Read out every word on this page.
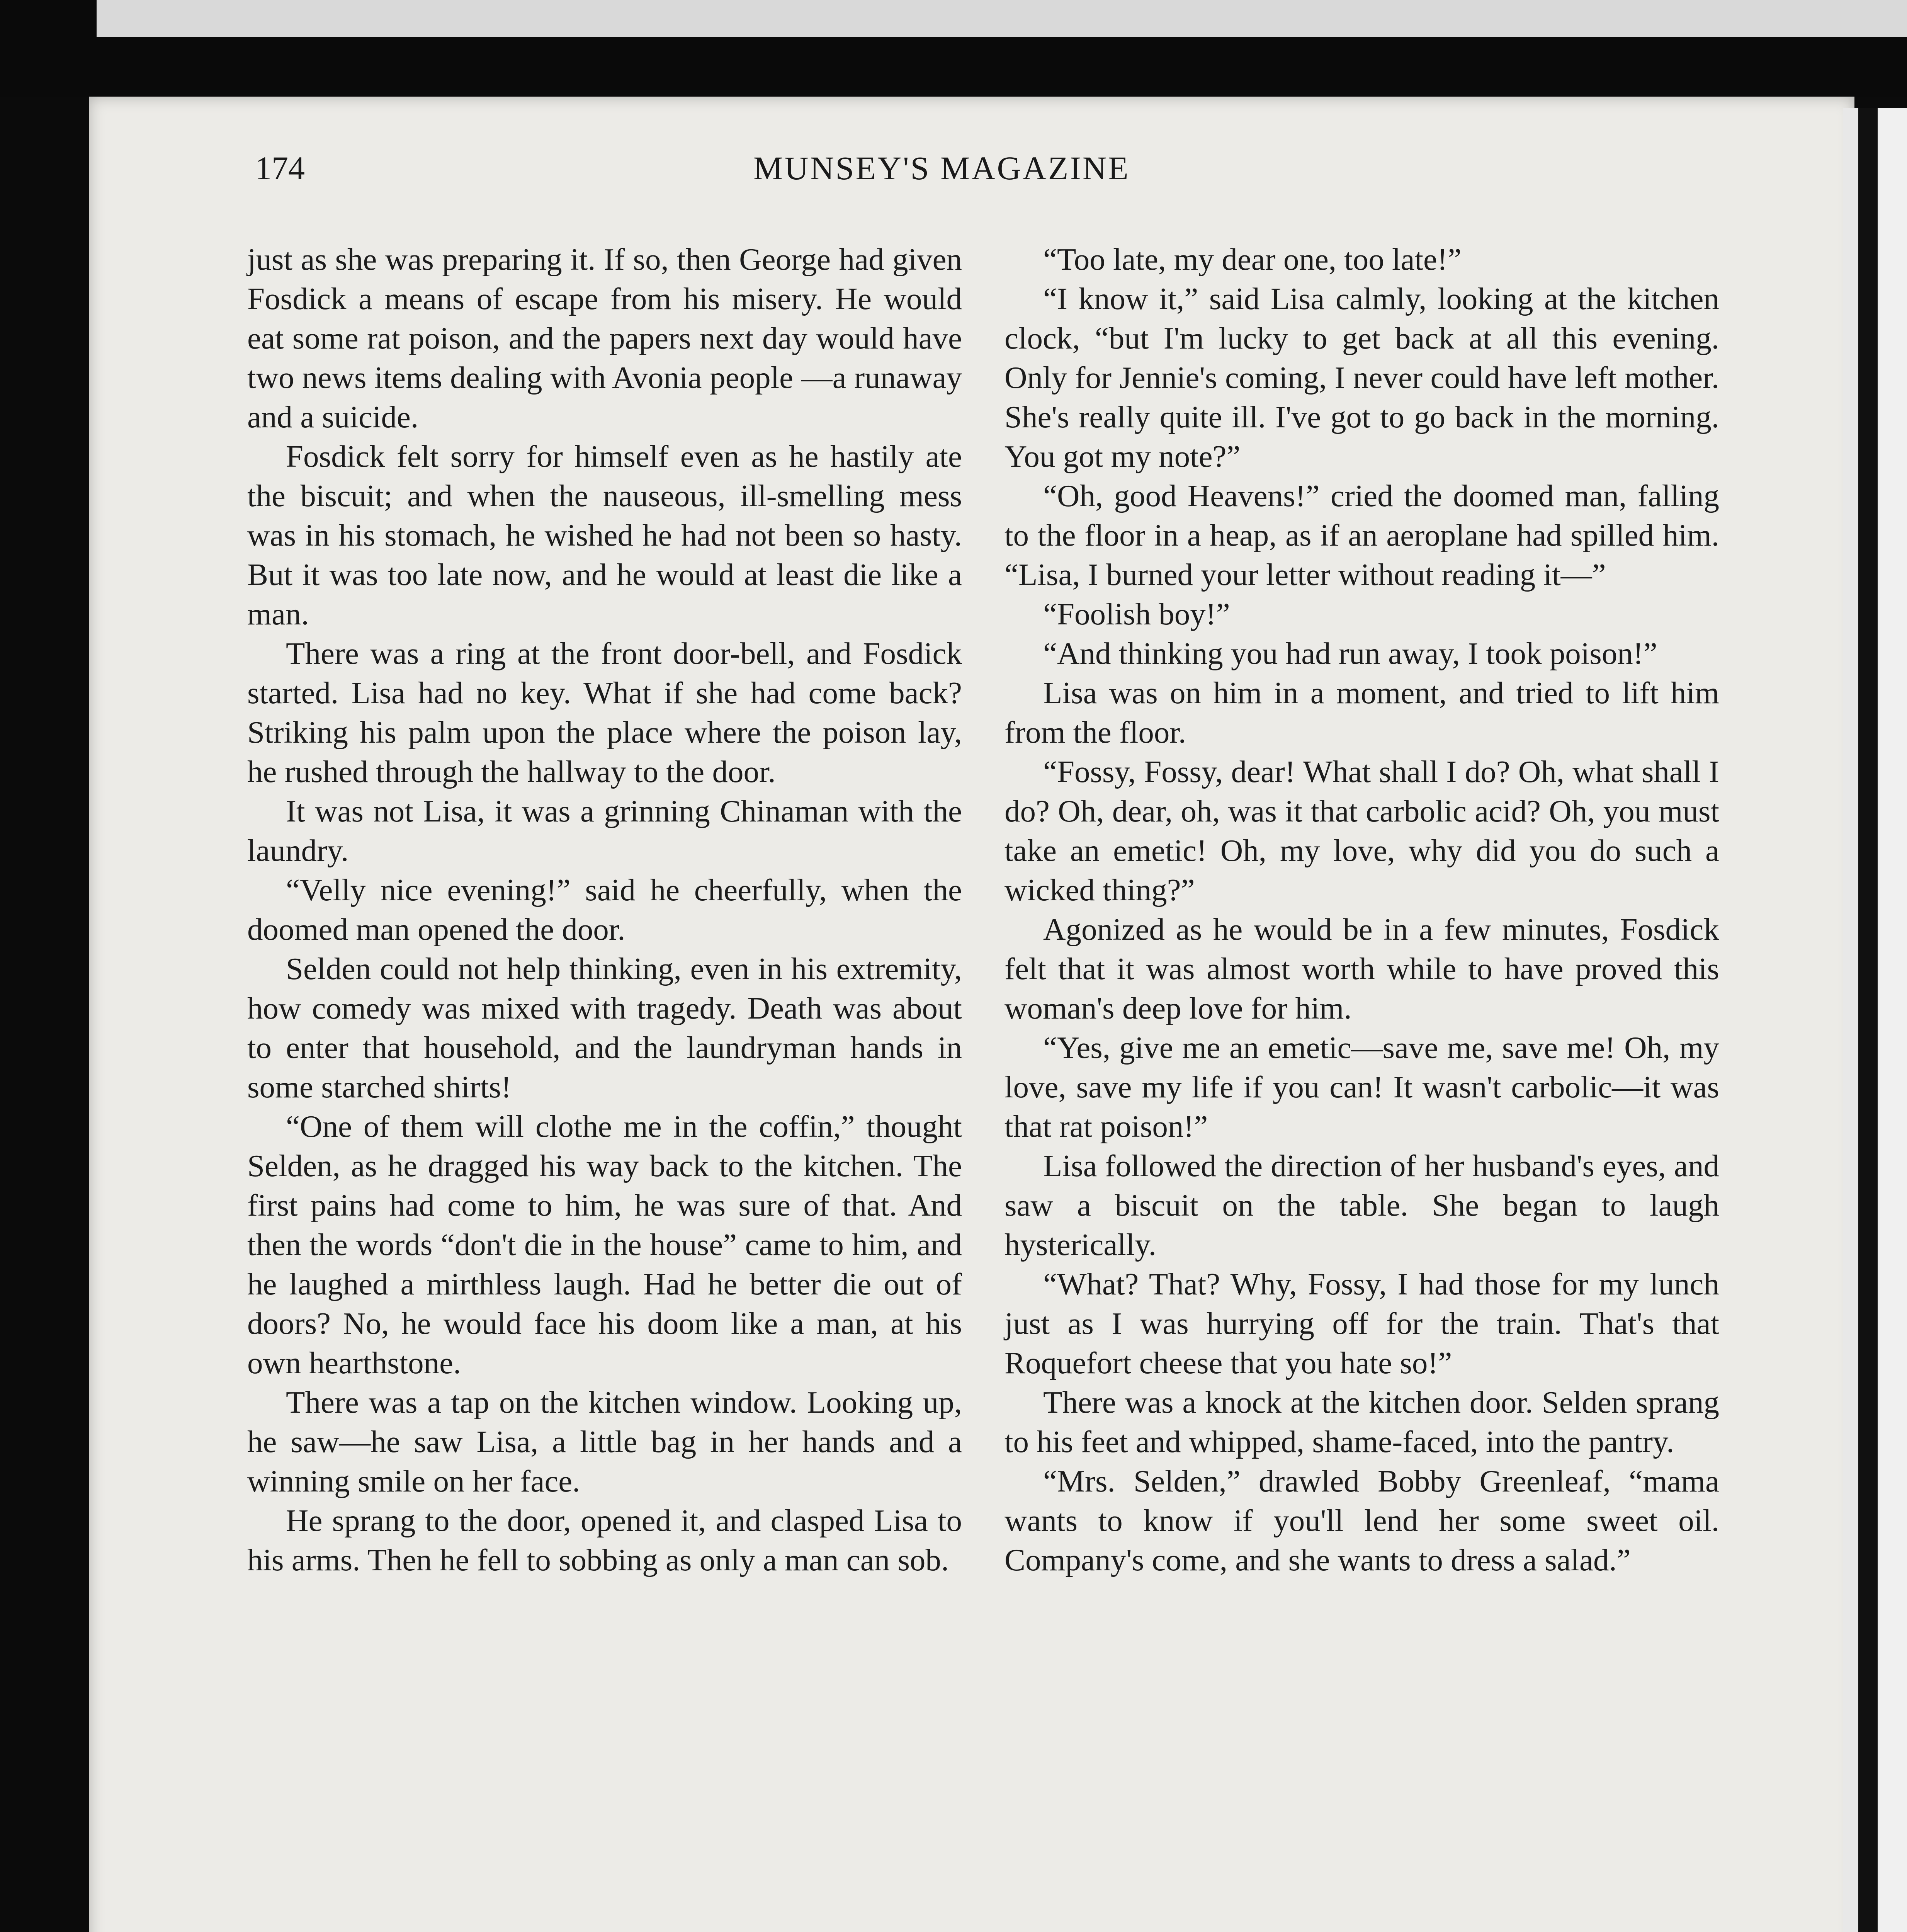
174	MUNSEY'S MAGAZINE

just as she was preparing it. If so, then George had given Fosdick a means of escape from his misery. He would eat some rat poison, and the papers next day would have two news items dealing with Avonia people —a runaway and a suicide.

Fosdick felt sorry for himself even as he hastily ate the biscuit; and when the nauseous, ill-smelling mess was in his stomach, he wished he had not been so hasty. But it was too late now, and he would at least die like a man.

There was a ring at the front door-bell, and Fosdick started. Lisa had no key. What if she had come back? Striking his palm upon the place where the poison lay, he rushed through the hallway to the door.

It was not Lisa, it was a grinning Chinaman with the laundry.

“Velly nice evening!” said he cheerfully, when the doomed man opened the door.

Selden could not help thinking, even in his extremity, how comedy was mixed with tragedy. Death was about to enter that household, and the laundryman hands in some starched shirts!

“One of them will clothe me in the coffin,” thought Selden, as he dragged his way back to the kitchen. The first pains had come to him, he was sure of that. And then the words “don't die in the house” came to him, and he laughed a mirthless laugh. Had he better die out of doors? No, he would face his doom like a man, at his own hearthstone.

There was a tap on the kitchen window. Looking up, he saw—he saw Lisa, a little bag in her hands and a winning smile on her face.

He sprang to the door, opened it, and clasped Lisa to his arms. Then he fell to sobbing as only a man can sob.

“Too late, my dear one, too late!”

“I know it,” said Lisa calmly, looking at the kitchen clock, “but I'm lucky to get back at all this evening. Only for Jennie's coming, I never could have left mother. She's really quite ill. I've got to go back in the morning. You got my note?”

“Oh, good Heavens!” cried the doomed man, falling to the floor in a heap, as if an aeroplane had spilled him. “Lisa, I burned your letter without reading it—”

“Foolish boy!”

“And thinking you had run away, I took poison!”

Lisa was on him in a moment, and tried to lift him from the floor.

“Fossy, Fossy, dear! What shall I do? Oh, what shall I do? Oh, dear, oh, was it that carbolic acid? Oh, you must take an emetic! Oh, my love, why did you do such a wicked thing?”

Agonized as he would be in a few minutes, Fosdick felt that it was almost worth while to have proved this woman's deep love for him.

“Yes, give me an emetic—save me, save me! Oh, my love, save my life if you can! It wasn't carbolic—it was that rat poison!”

Lisa followed the direction of her husband's eyes, and saw a biscuit on the table. She began to laugh hysterically.

“What? That? Why, Fossy, I had those for my lunch just as I was hurrying off for the train. That's that Roquefort cheese that you hate so!”

There was a knock at the kitchen door. Selden sprang to his feet and whipped, shame-faced, into the pantry.

“Mrs. Selden,” drawled Bobby Greenleaf, “mama wants to know if you'll lend her some sweet oil. Company's come, and she wants to dress a salad.”
